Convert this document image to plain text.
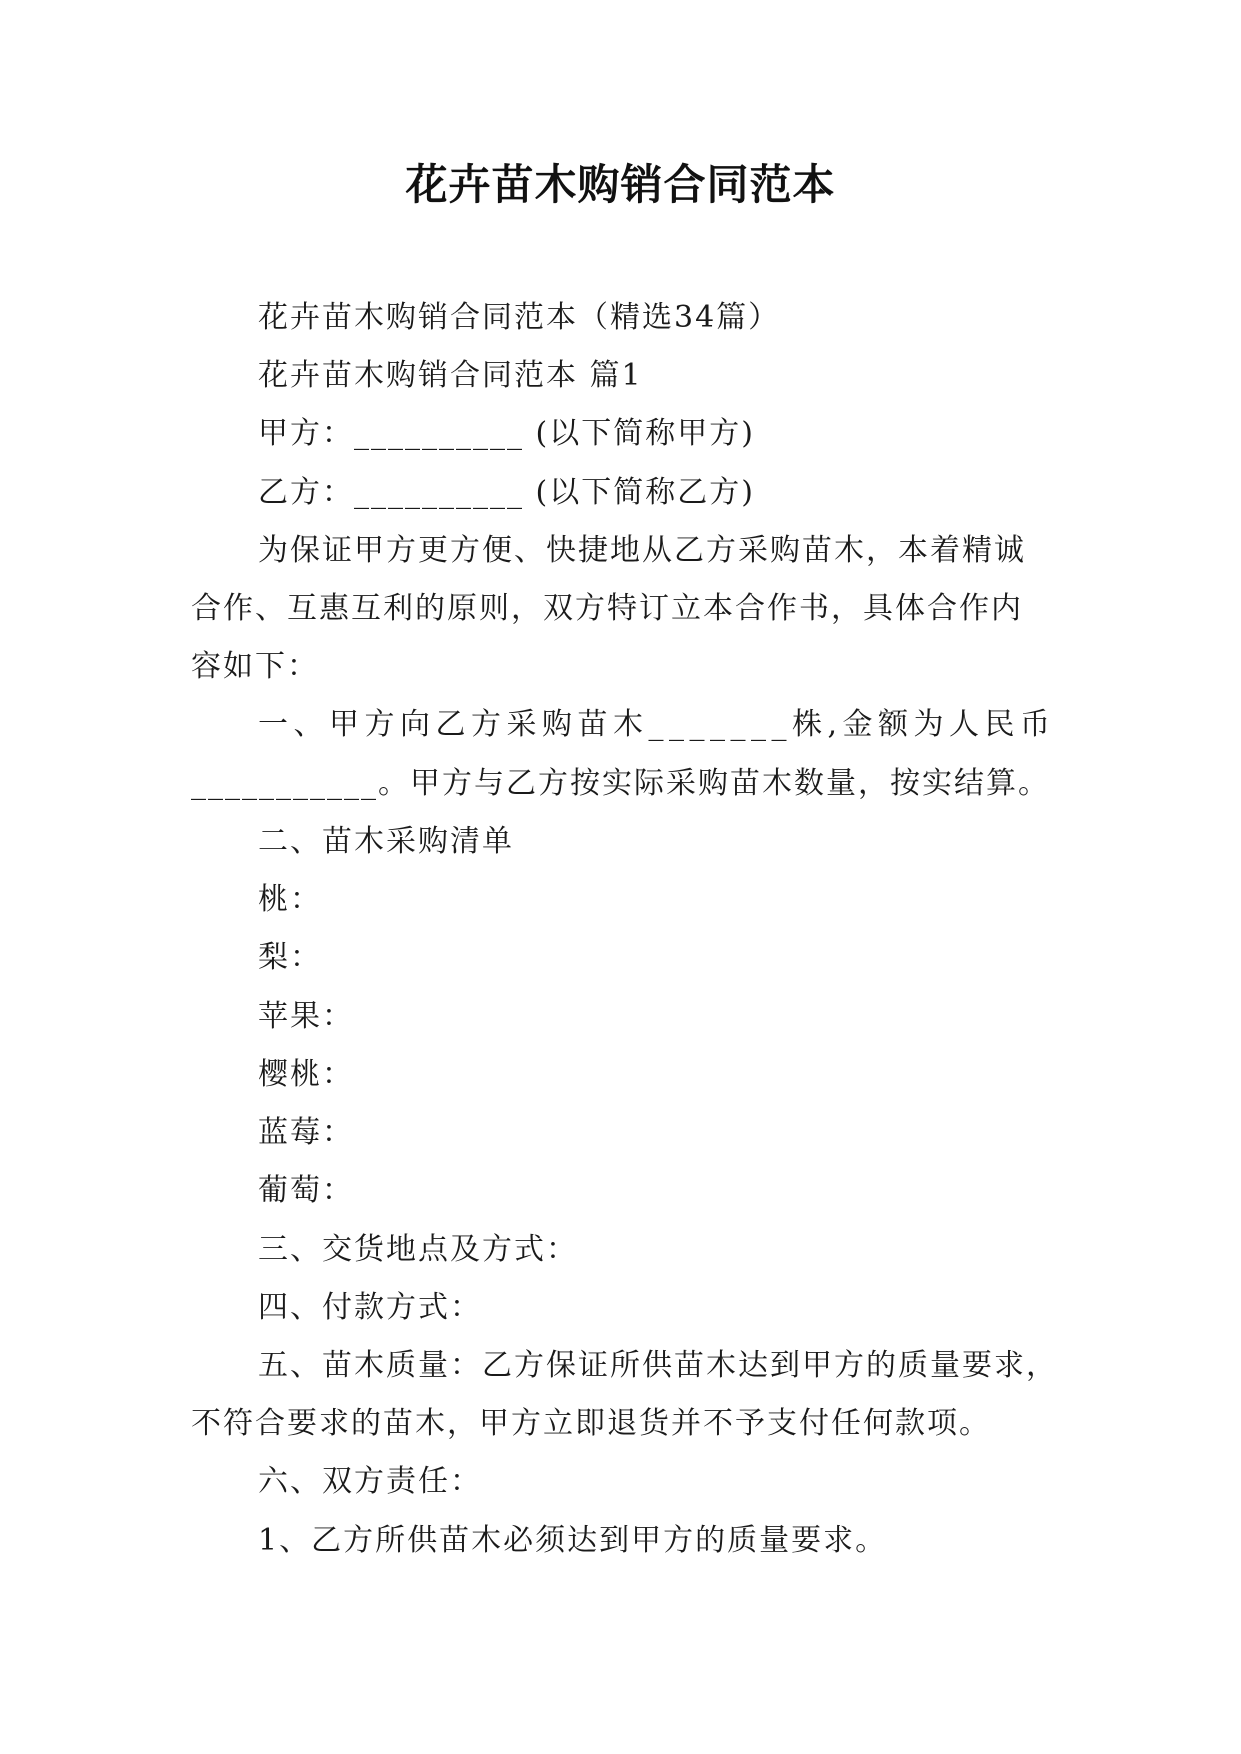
花卉苗木购销合同范本
花卉苗木购销合同范本（精选34篇）
花卉苗木购销合同范本 篇1
甲方：__________ (以下简称甲方)
乙方：__________ (以下简称乙方)
为保证甲方更方便、快捷地从乙方采购苗木，本着精诚
合作、互惠互利的原则，双方特订立本合作书，具体合作内
容如下：
一、甲方向乙方采购苗木_______株,金额为人民币
___________。甲方与乙方按实际采购苗木数量，按实结算。
二、苗木采购清单
桃：
梨：
苹果：
樱桃：
蓝莓：
葡萄：
三、交货地点及方式：
四、付款方式：
五、苗木质量：乙方保证所供苗木达到甲方的质量要求，
不符合要求的苗木，甲方立即退货并不予支付任何款项。
六、双方责任：
1、乙方所供苗木必须达到甲方的质量要求。
